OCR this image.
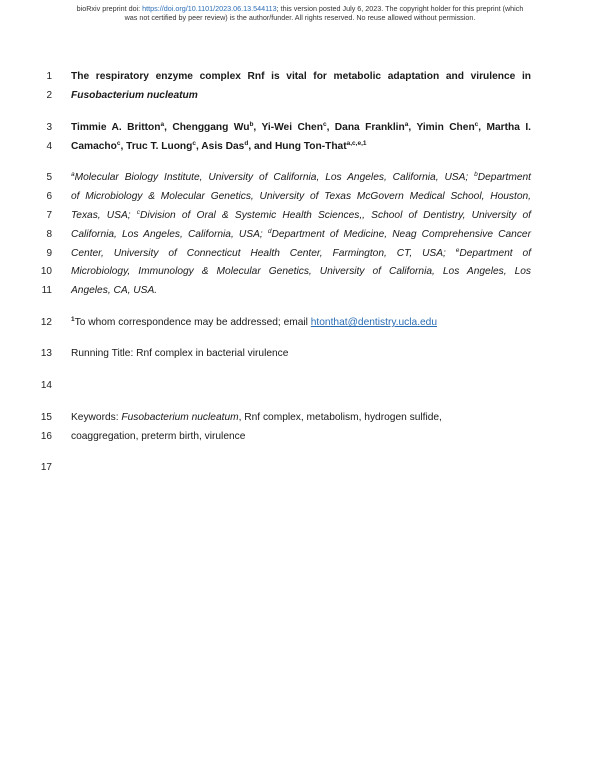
bioRxiv preprint doi: https://doi.org/10.1101/2023.06.13.544113; this version posted July 6, 2023. The copyright holder for this preprint (which
was not certified by peer review) is the author/funder. All rights reserved. No reuse allowed without permission.
1
2
3
4
5
6
7
8
9
10
11
12
13
14
15
16
17
The respiratory enzyme complex Rnf is vital for metabolic adaptation and virulence in
Fusobacterium nucleatum
Timmie A. Britton$^a$, Chenggang Wu$^b$, Yi-Wei Chen$^c$, Dana Franklin$^a$, Yimin Chen$^c$, Martha I.
Camacho$^c$, Truc T. Luong$^c$, Asis Das$^d$, and Hung Ton-That$^{a,c,e,1}$
$^a$Molecular Biology Institute, University of California, Los Angeles, California, USA; $^b$Department
of Microbiology & Molecular Genetics, University of Texas McGovern Medical School, Houston,
Texas, USA; $^c$Division of Oral & Systemic Health Sciences,, School of Dentistry, University of
California, Los Angeles, California, USA; $^d$Department of Medicine, Neag Comprehensive Cancer
Center, University of Connecticut Health Center, Farmington, CT, USA; $^e$Department of
Microbiology, Immunology & Molecular Genetics, University of California, Los Angeles, Los
Angeles, CA, USA.
$^1$To whom correspondence may be addressed; email htonthat@dentistry.ucla.edu
Running Title: Rnf complex in bacterial virulence
Keywords: Fusobacterium nucleatum, Rnf complex, metabolism, hydrogen sulfide,
coaggregation, preterm birth, virulence
